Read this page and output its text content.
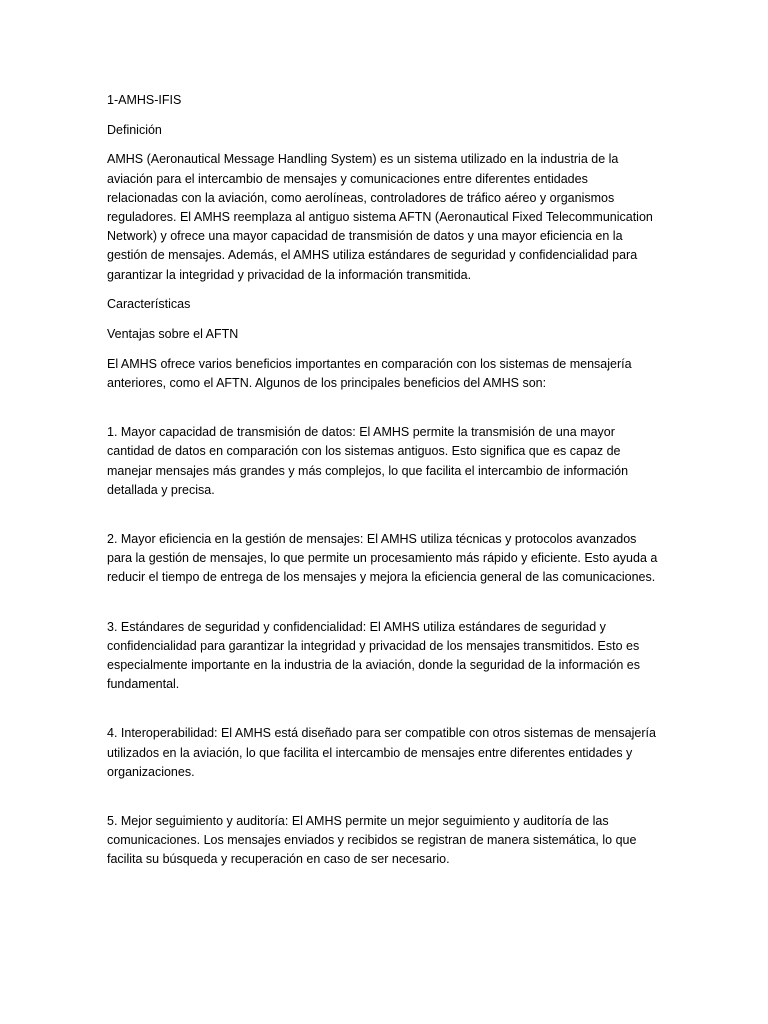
1-AMHS-IFIS

Definición

AMHS (Aeronautical Message Handling System) es un sistema utilizado en la industria de la
aviación para el intercambio de mensajes y comunicaciones entre diferentes entidades
relacionadas con la aviación, como aerolíneas, controladores de tráfico aéreo y organismos
reguladores. El AMHS reemplaza al antiguo sistema AFTN (Aeronautical Fixed Telecommunication
Network) y ofrece una mayor capacidad de transmisión de datos y una mayor eficiencia en la
gestión de mensajes. Además, el AMHS utiliza estándares de seguridad y confidencialidad para
garantizar la integridad y privacidad de la información transmitida.

Características

Ventajas sobre el AFTN

El AMHS ofrece varios beneficios importantes en comparación con los sistemas de mensajería
anteriores, como el AFTN. Algunos de los principales beneficios del AMHS son:
1. Mayor capacidad de transmisión de datos: El AMHS permite la transmisión de una mayor
cantidad de datos en comparación con los sistemas antiguos. Esto significa que es capaz de
manejar mensajes más grandes y más complejos, lo que facilita el intercambio de información
detallada y precisa.
2. Mayor eficiencia en la gestión de mensajes: El AMHS utiliza técnicas y protocolos avanzados
para la gestión de mensajes, lo que permite un procesamiento más rápido y eficiente. Esto ayuda a
reducir el tiempo de entrega de los mensajes y mejora la eficiencia general de las comunicaciones.
3. Estándares de seguridad y confidencialidad: El AMHS utiliza estándares de seguridad y
confidencialidad para garantizar la integridad y privacidad de los mensajes transmitidos. Esto es
especialmente importante en la industria de la aviación, donde la seguridad de la información es
fundamental.
4. Interoperabilidad: El AMHS está diseñado para ser compatible con otros sistemas de mensajería
utilizados en la aviación, lo que facilita el intercambio de mensajes entre diferentes entidades y
organizaciones.
5. Mejor seguimiento y auditoría: El AMHS permite un mejor seguimiento y auditoría de las
comunicaciones. Los mensajes enviados y recibidos se registran de manera sistemática, lo que
facilita su búsqueda y recuperación en caso de ser necesario.
